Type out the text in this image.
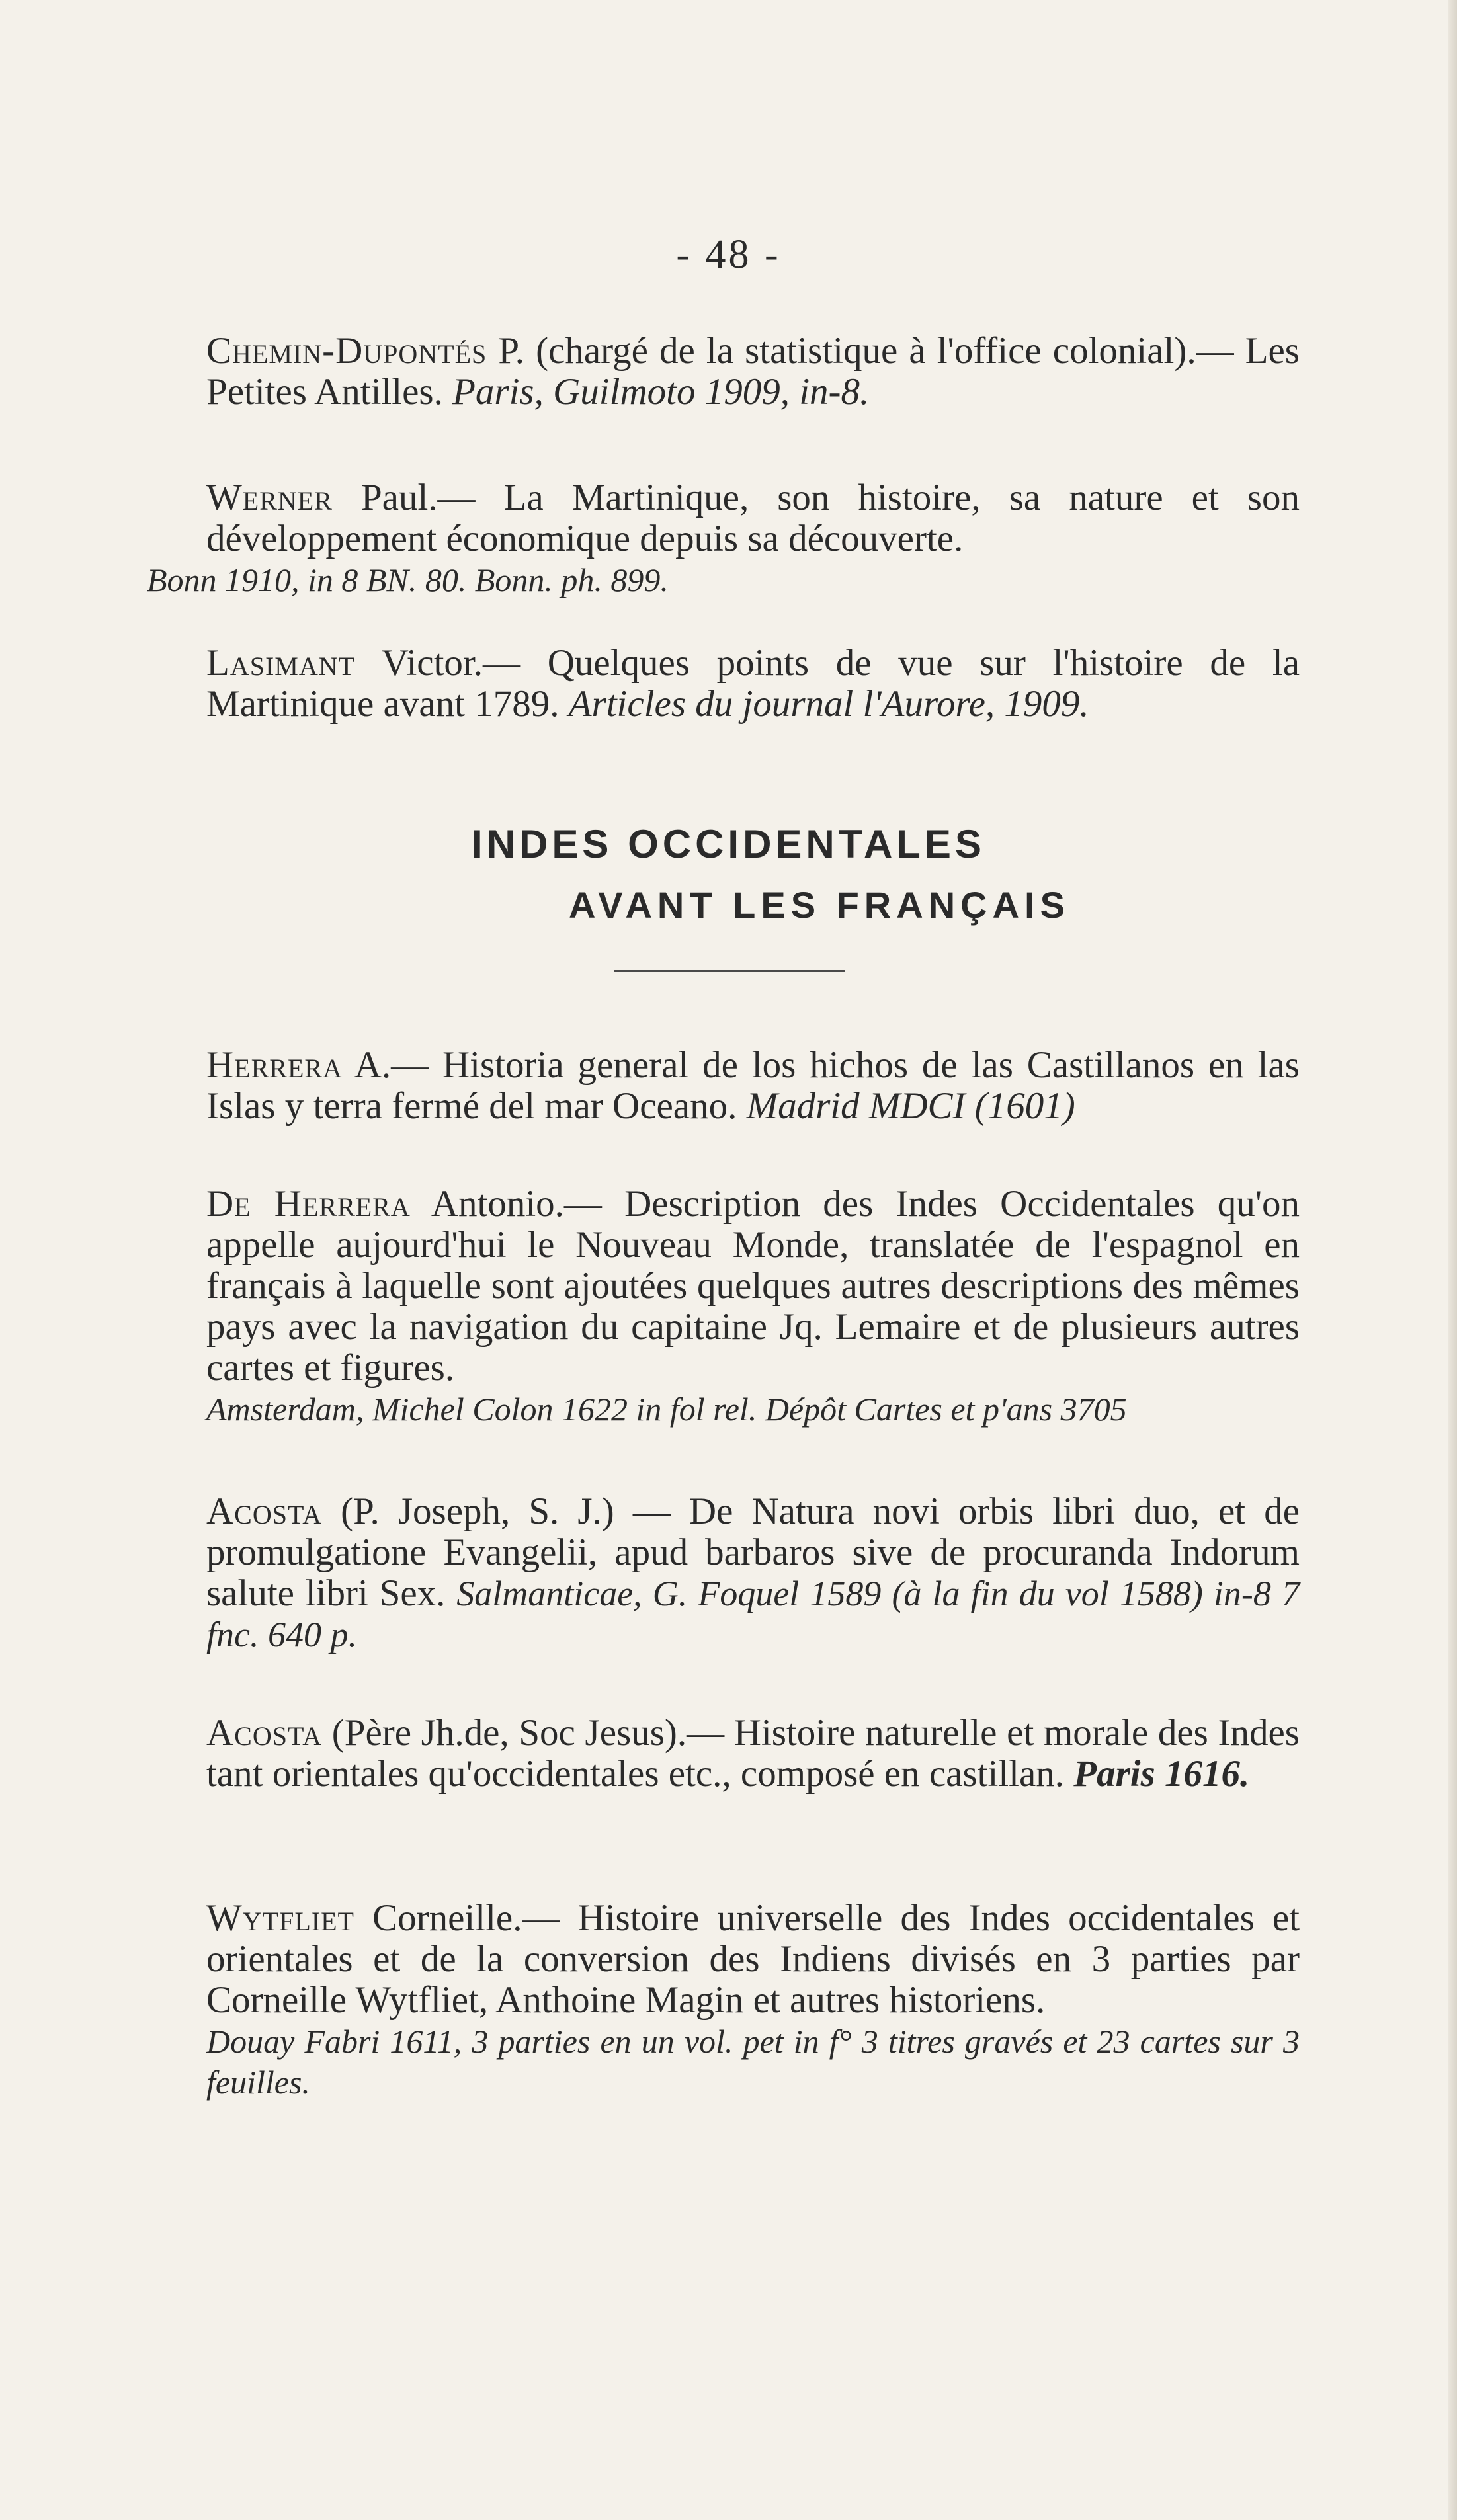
- 48 -

Chemin-Dupontés P. (chargé de la statistique à l'office colonial).— Les Petites Antilles. Paris, Guilmoto 1909, in-8.

Werner Paul.— La Martinique, son histoire, sa nature et son développement économique depuis sa découverte.

Bonn 1910, in 8 BN. 80. Bonn. ph. 899.

Lasimant Victor.— Quelques points de vue sur l'histoire de la Martinique avant 1789. Articles du journal l'Aurore, 1909.

INDES OCCIDENTALES
AVANT LES FRANÇAIS

Herrera A.— Historia general de los hichos de las Castillanos en las Islas y terra fermé del mar Oceano. Madrid MDCI (1601)

De Herrera Antonio.— Description des Indes Occidentales qu'on appelle aujourd'hui le Nouveau Monde, translatée de l'espagnol en français à laquelle sont ajoutées quelques autres descriptions des mêmes pays avec la navigation du capitaine Jq. Lemaire et de plusieurs autres cartes et figures.

Amsterdam, Michel Colon 1622 in fol rel. Dépôt Cartes et p'ans 3705

Acosta (P. Joseph, S. J.) — De Natura novi orbis libri duo, et de promulgatione Evangelii, apud barbaros sive de procuranda Indorum salute libri Sex. Salmanticae, G. Foquel 1589 (à la fin du vol 1588) in-8 7 fnc. 640 p.

Acosta (Père Jh.de, Soc Jesus).— Histoire naturelle et morale des Indes tant orientales qu'occidentales etc., composé en castillan. Paris 1616.

Wytfliet Corneille.— Histoire universelle des Indes occidentales et orientales et de la conversion des Indiens divisés en 3 parties par Corneille Wytfliet, Anthoine Magin et autres historiens.

Douay Fabri 1611, 3 parties en un vol. pet in f° 3 titres gravés et 23 cartes sur 3 feuilles.
